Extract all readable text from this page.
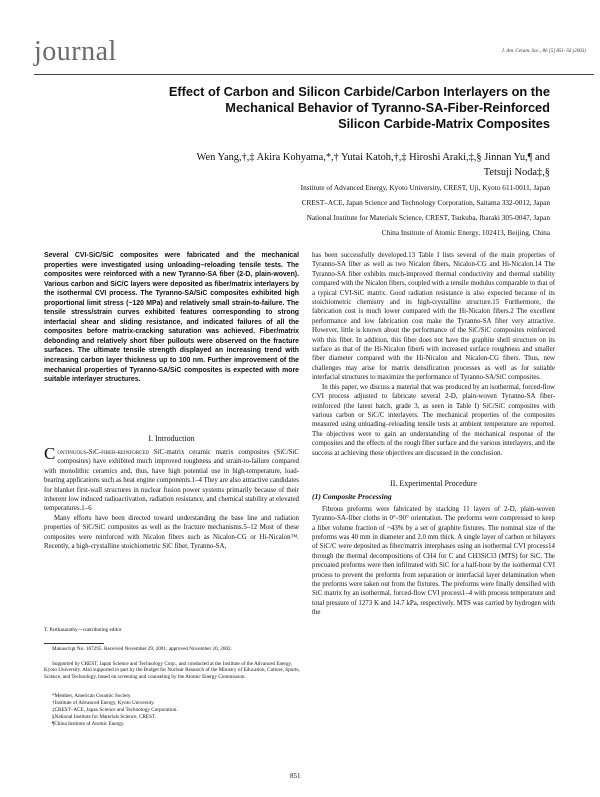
journal	J. Am. Ceram. Soc., 86 [5] 851–56 (2003)
Effect of Carbon and Silicon Carbide/Carbon Interlayers on the
Mechanical Behavior of Tyranno-SA-Fiber-Reinforced
Silicon Carbide-Matrix Composites
Wen Yang,†,‡ Akira Kohyama,*,† Yutai Katoh,†,‡ Hiroshi Araki,‡,§ Jinnan Yu,¶ and
Tetsuji Noda‡,§
Institute of Advanced Energy, Kyoto University, CREST, Uji, Kyoto 611-0011, Japan
CREST–ACE, Japan Science and Technology Corporation, Saitama 332-0012, Japan
National Institute for Materials Science, CREST, Tsukuba, Ibaraki 305-0047, Japan
China Institute of Atomic Energy, 102413, Beijing, China
Several CVI-SiC/SiC composites were fabricated and the mechanical properties were investigated using unloading–reloading tensile tests. The composites were reinforced with a new Tyranno-SA fiber (2-D, plain-woven). Various carbon and SiC/C layers were deposited as fiber/matrix interlayers by the isothermal CVI process. The Tyranno-SA/SiC composites exhibited high proportional limit stress (~120 MPa) and relatively small strain-to-failure. The tensile stress/strain curves exhibited features corresponding to strong interfacial shear and sliding resistance, and indicated failures of all the composites before matrix-cracking saturation was achieved. Fiber/matrix debonding and relatively short fiber pullouts were observed on the fracture surfaces. The ultimate tensile strength displayed an increasing trend with increasing carbon layer thickness up to 100 nm. Further improvement of the mechanical properties of Tyranno-SA/SiC composites is expected with more suitable interlayer structures.
I. Introduction

Continuous-SiC-fiber-reinforced SiC-matrix ceramic matrix composites (SiC/SiC composites) have exhibited much improved toughness and strain-to-failure compared with monolithic ceramics and, thus, have high potential use in high-temperature, load-bearing applications such as heat engine components.1–4 They are also attractive candidates for blanket first-wall structures in nuclear fusion power systems primarily because of their inherent low induced radioactivation, radiation resistance, and chemical stability at elevated temperatures.1–6

Many efforts have been directed toward understanding the base line and radiation properties of SiC/SiC composites as well as the fracture mechanisms.5–12 Most of these composites were reinforced with Nicalon fibers such as Nicalon-CG or Hi-Nicalon™. Recently, a high-crystalline stoichiometric SiC fiber, Tyranno-SA,

has been successfully developed.13 Table I lists several of the main properties of Tyranno-SA fiber as well as two Nicalon fibers, Nicalon-CG and Hi-Nicalon.14 The Tyranno-SA fiber exhibits much-improved thermal conductivity and thermal stability compared with the Nicalon fibers, coupled with a tensile modulus comparable to that of a typical CVI-SiC matrix. Good radiation resistance is also expected because of its stoichiometric chemistry and its high-crystalline structure.15 Furthermore, the fabrication cost is much lower compared with the Hi-Nicalon fibers.2 The excellent performance and low fabrication cost make the Tyranno-SA fiber very attractive. However, little is known about the performance of the SiC/SiC composites reinforced with this fiber. In addition, this fiber does not have the graphite shell structure on its surface as that of the Hi-Nicalon fiber6 with increased surface roughness and smaller fiber diameter compared with the Hi-Nicalon and Nicalon-CG fibers. Thus, new challenges may arise for matrix densification processes as well as for suitable interfacial structures to maximize the performance of Tyranno-SA/SiC composites.

In this paper, we discuss a material that was produced by an isothermal, forced-flow CVI process adjusted to fabricate several 2-D, plain-woven Tyranno-SA fiber-reinforced (the latest batch, grade 3, as seen in Table I) SiC/SiC composites with various carbon or SiC/C interlayers. The mechanical properties of the composites measured using unloading–reloading tensile tests at ambient temperature are reported. The objectives were to gain an understanding of the mechanical response of the composites and the effects of the rough fiber surface and the various interlayers, and the success at achieving these objectives are discussed in the conclusion.

II. Experimental Procedure
(1) Composite Processing

Fibrous preforms were fabricated by stacking 11 layers of 2-D, plain-woven Tyranno-SA-fiber cloths in 0°–90° orientation. The preforms were compressed to keep a fiber volume fraction of ~43% by a set of graphite fixtures. The nominal size of the preforms was 40 mm in diameter and 2.0 mm thick. A single layer of carbon or bilayers of SiC/C were deposited as fiber/matrix interphases using an isothermal CVI process14 through the thermal decompositions of CH4 for C and CH3SiCl3 (MTS) for SiC. The precoated preforms were then infiltrated with SiC for a half-hour by the isothermal CVI process to prevent the preforms from separation or interfacial layer delamination when the preforms were taken out from the fixtures. The preforms were finally densified with SiC matrix by an isothermal, forced-flow CVI process1–4 with process temperature and total pressure of 1273 K and 14.7 kPa, respectively. MTS was carried by hydrogen with the

T. Parthasarathy—contributing editor
Manuscript No. 187295. Received November 29, 2001; approved November 20, 2002.
Supported by CREST, Japan Science and Technology Corp., and conducted at the Institute of the Advanced Energy, Kyoto University. Also supported in part by the Budget for Nuclear Research of the Ministry of Education, Culture, Sports, Science, and Technology, based on screening and counseling by the Atomic Energy Commission.
*Member, American Ceramic Society.
†Institute of Advanced Energy, Kyoto University.
‡CREST–ACE, Japan Science and Technology Corporation.
§National Institute for Materials Science, CREST.
¶China Institute of Atomic Energy.
851
